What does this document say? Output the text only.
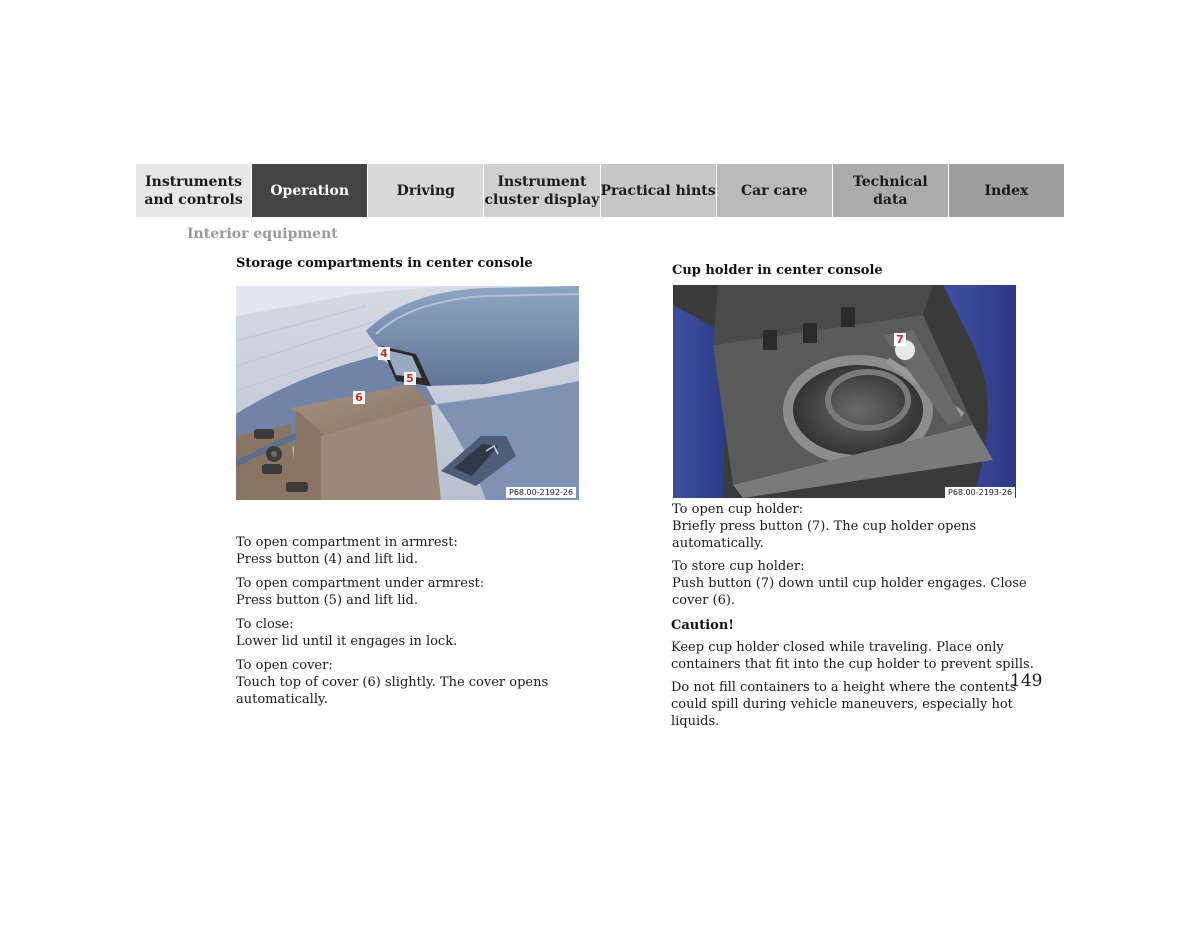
Instruments
and controls
Operation	Driving
Instrument
cluster display
Practical hints	Car care
Technical
data
Index
Interior equipment
Storage compartments in center console
4
5
6
P68.00-2192-26
To open compartment in armrest:
Press button (4) and lift lid.
To open compartment under armrest:
Press button (5) and lift lid.
To close:
Lower lid until it engages in lock.
To open cover:
Touch top of cover (6) slightly. The cover opens
automatically.
Cup holder in center console
7
P68.00-2193-26
To open cup holder:
Briefly press button (7). The cup holder opens
automatically.
To store cup holder:
Push button (7) down until cup holder engages. Close
cover (6).
Caution!
Keep cup holder closed while traveling. Place only
containers that fit into the cup holder to prevent spills.
Do not fill containers to a height where the contents
could spill during vehicle maneuvers, especially hot
liquids.
149
